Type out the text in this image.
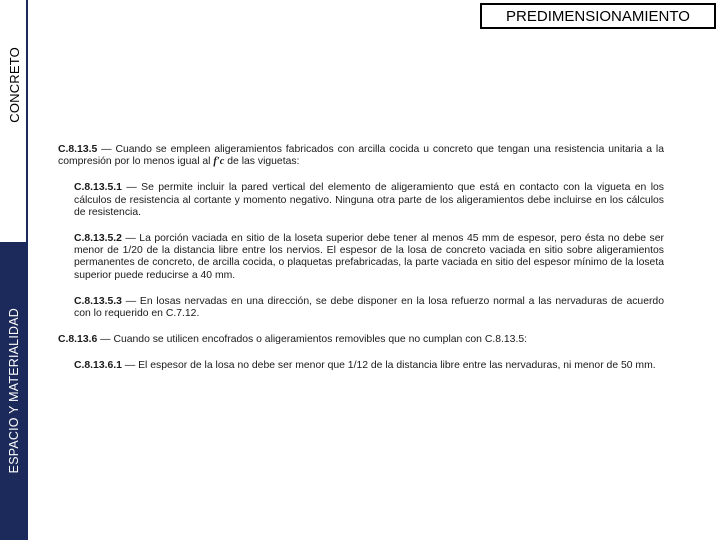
CONCRETO
ESPACIO Y MATERIALIDAD
PREDIMENSIONAMIENTO

C.8.13.5 — Cuando se empleen aligeramientos fabricados con arcilla cocida u concreto que tengan una resistencia unitaria a la compresión por lo menos igual al f′c de las viguetas:

C.8.13.5.1 — Se permite incluir la pared vertical del elemento de aligeramiento que está en contacto con la vigueta en los cálculos de resistencia al cortante y momento negativo. Ninguna otra parte de los aligeramientos debe incluirse en los cálculos de resistencia.

C.8.13.5.2 — La porción vaciada en sitio de la loseta superior debe tener al menos 45 mm de espesor, pero ésta no debe ser menor de 1/20 de la distancia libre entre los nervios. El espesor de la losa de concreto vaciada en sitio sobre aligeramientos permanentes de concreto, de arcilla cocida, o plaquetas prefabricadas, la parte vaciada en sitio del espesor mínimo de la loseta superior puede reducirse a 40 mm.

C.8.13.5.3 — En losas nervadas en una dirección, se debe disponer en la losa refuerzo normal a las nervaduras de acuerdo con lo requerido en C.7.12.

C.8.13.6 — Cuando se utilicen encofrados o aligeramientos removibles que no cumplan con C.8.13.5:

C.8.13.6.1 — El espesor de la losa no debe ser menor que 1/12 de la distancia libre entre las nervaduras, ni menor de 50 mm.
